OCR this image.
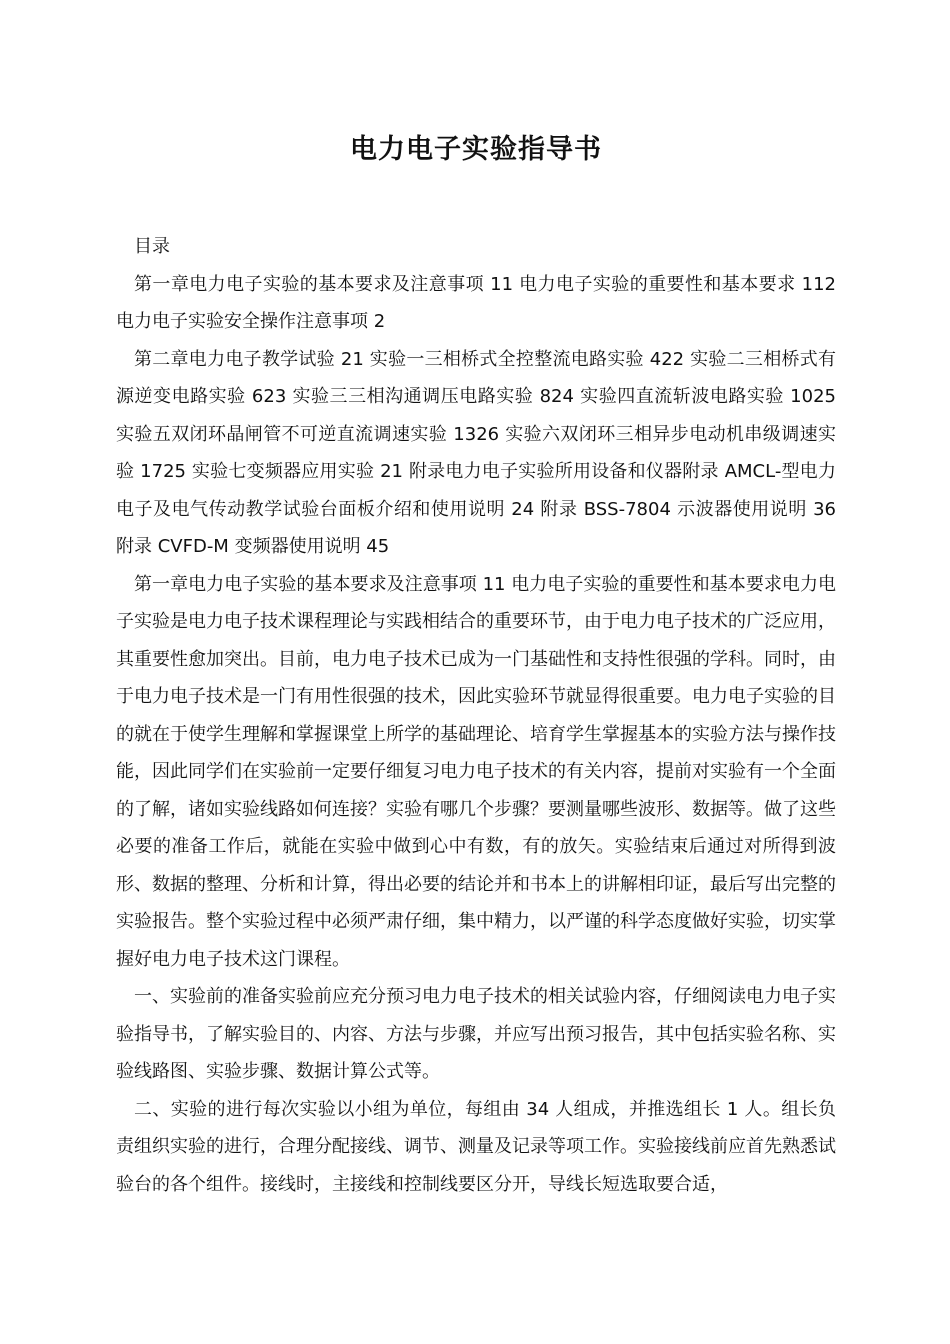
电力电子实验指导书

目录

第一章电力电子实验的基本要求及注意事项 11 电力电子实验的重要性和基本要求 112 电力电子实验安全操作注意事项 2

第二章电力电子教学试验 21 实验一三相桥式全控整流电路实验 422 实验二三相桥式有源逆变电路实验 623 实验三三相沟通调压电路实验 824 实验四直流斩波电路实验 1025 实验五双闭环晶闸管不可逆直流调速实验 1326 实验六双闭环三相异步电动机串级调速实验 1725 实验七变频器应用实验 21 附录电力电子实验所用设备和仪器附录 AMCL-型电力电子及电气传动教学试验台面板介绍和使用说明 24 附录 BSS-7804 示波器使用说明 36 附录 CVFD-M 变频器使用说明 45

第一章电力电子实验的基本要求及注意事项 11 电力电子实验的重要性和基本要求电力电子实验是电力电子技术课程理论与实践相结合的重要环节，由于电力电子技术的广泛应用，其重要性愈加突出。目前，电力电子技术已成为一门基础性和支持性很强的学科。同时，由于电力电子技术是一门有用性很强的技术，因此实验环节就显得很重要。电力电子实验的目的就在于使学生理解和掌握课堂上所学的基础理论、培育学生掌握基本的实验方法与操作技能，因此同学们在实验前一定要仔细复习电力电子技术的有关内容，提前对实验有一个全面的了解，诸如实验线路如何连接？实验有哪几个步骤？要测量哪些波形、数据等。做了这些必要的准备工作后，就能在实验中做到心中有数，有的放矢。实验结束后通过对所得到波形、数据的整理、分析和计算，得出必要的结论并和书本上的讲解相印证，最后写出完整的实验报告。整个实验过程中必须严肃仔细，集中精力，以严谨的科学态度做好实验，切实掌握好电力电子技术这门课程。

一、实验前的准备实验前应充分预习电力电子技术的相关试验内容，仔细阅读电力电子实验指导书，了解实验目的、内容、方法与步骤，并应写出预习报告，其中包括实验名称、实验线路图、实验步骤、数据计算公式等。

二、实验的进行每次实验以小组为单位，每组由 34 人组成，并推选组长 1 人。组长负责组织实验的进行，合理分配接线、调节、测量及记录等项工作。实验接线前应首先熟悉试验台的各个组件。接线时，主接线和控制线要区分开，导线长短选取要合适，
